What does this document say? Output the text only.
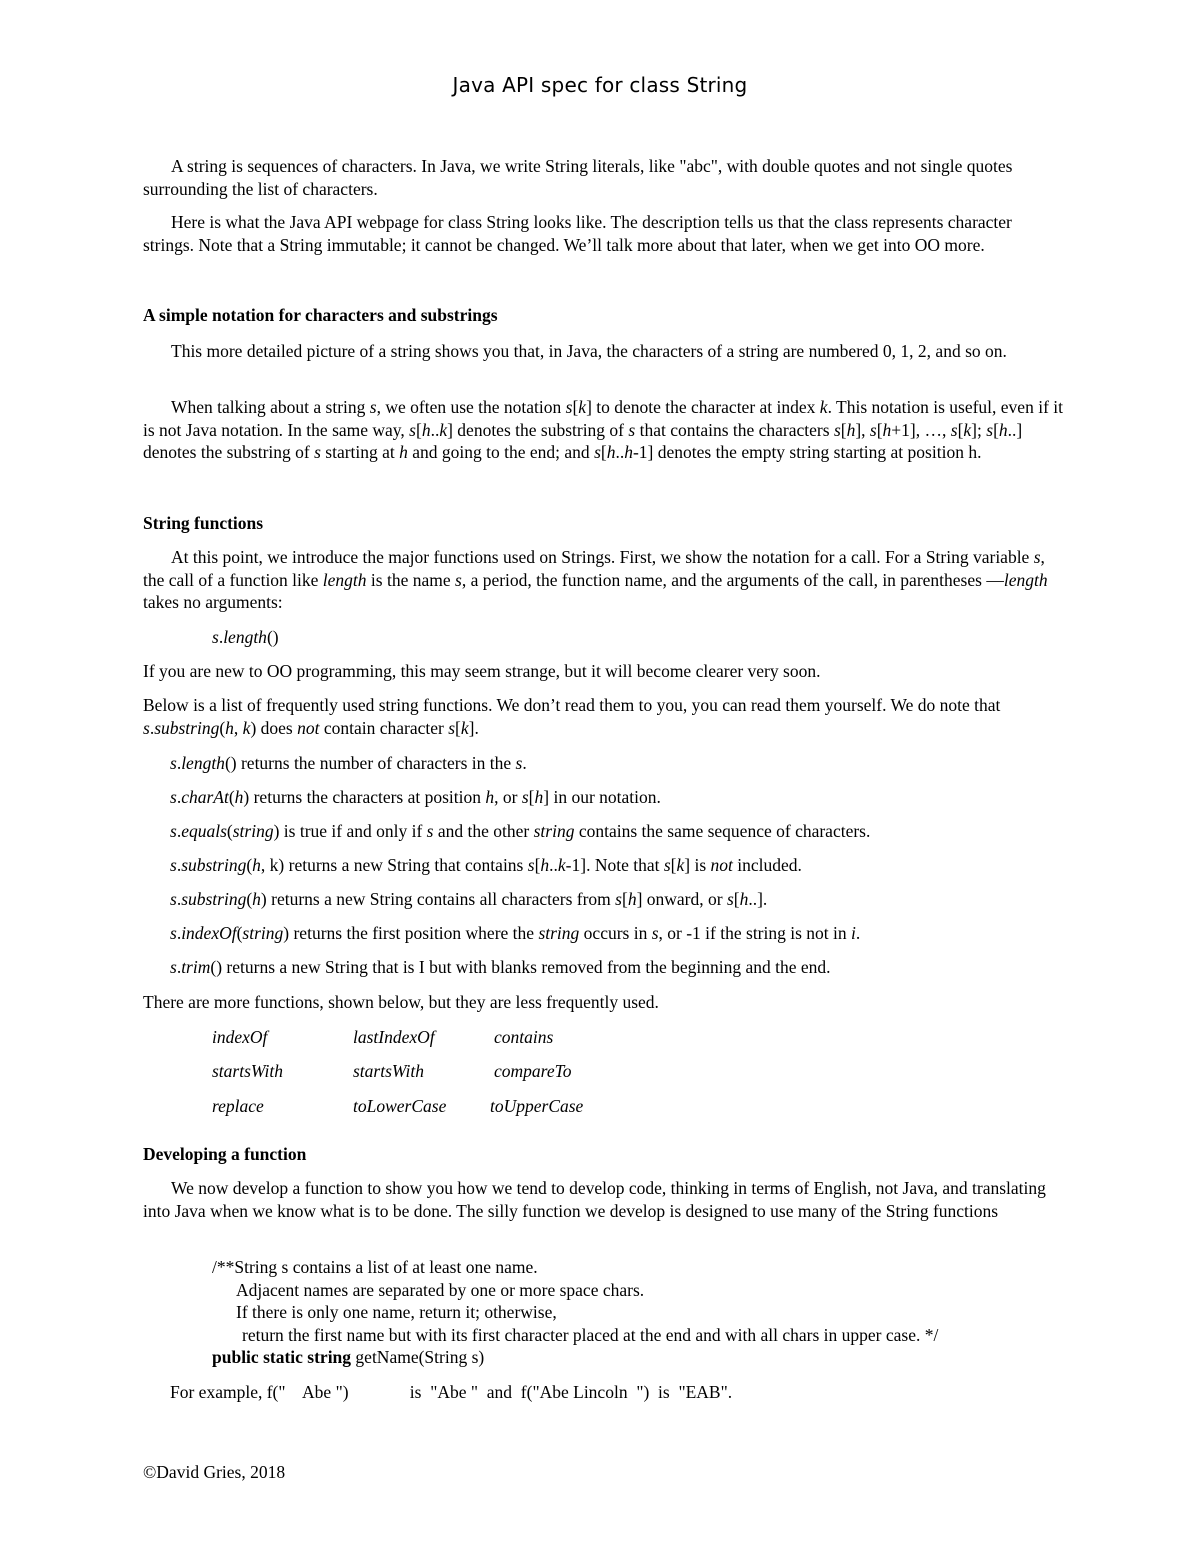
Java API spec for class String

A string is sequences of characters. In Java, we write String literals, like "abc", with double quotes and not single quotes surrounding the list of characters.

Here is what the Java API webpage for class String looks like. The description tells us that the class represents character strings. Note that a String immutable; it cannot be changed. We’ll talk more about that later, when we get into OO more.

A simple notation for characters and substrings

This more detailed picture of a string shows you that, in Java, the characters of a string are numbered 0, 1, 2, and so on.

When talking about a string s, we often use the notation s[k] to denote the character at index k. This notation is useful, even if it is not Java notation. In the same way, s[h..k] denotes the substring of s that contains the characters s[h], s[h+1], …, s[k]; s[h..] denotes the substring of s starting at h and going to the end; and s[h..h-1] denotes the empty string starting at position h.

String functions

At this point, we introduce the major functions used on Strings. First, we show the notation for a call. For a String variable s, the call of a function like length is the name s, a period, the function name, and the arguments of the call, in parentheses —length takes no arguments:

s.length()

If you are new to OO programming, this may seem strange, but it will become clearer very soon.

Below is a list of frequently used string functions. We don’t read them to you, you can read them yourself. We do note that s.substring(h, k) does not contain character s[k].

s.length() returns the number of characters in the s.

s.charAt(h) returns the characters at position h, or s[h] in our notation.

s.equals(string) is true if and only if s and the other string contains the same sequence of characters.

s.substring(h, k) returns a new String that contains s[h..k-1]. Note that s[k] is not included.

s.substring(h) returns a new String contains all characters from s[h] onward, or s[h..].

s.indexOf(string) returns the first position where the string occurs in s, or -1 if the string is not in i.

s.trim() returns a new String that is I but with blanks removed from the beginning and the end.

There are more functions, shown below, but they are less frequently used.

indexOf	lastIndexOf	contains
startsWith	startsWith	compareTo
replace	toLowerCase toUpperCase

Developing a function

We now develop a function to show you how we tend to develop code, thinking in terms of English, not Java, and translating into Java when we know what is to be done. The silly function we develop is designed to use many of the String functions

/**String s contains a list of at least one name.
Adjacent names are separated by one or more space chars.
If there is only one name, return it; otherwise,
return the first name but with its first character placed at the end and with all chars in upper case. */
public static string getName(String s)

For example, f("    Abe ")              is  "Abe "  and  f("Abe Lincoln  ")  is  "EAB".

©David Gries, 2018
